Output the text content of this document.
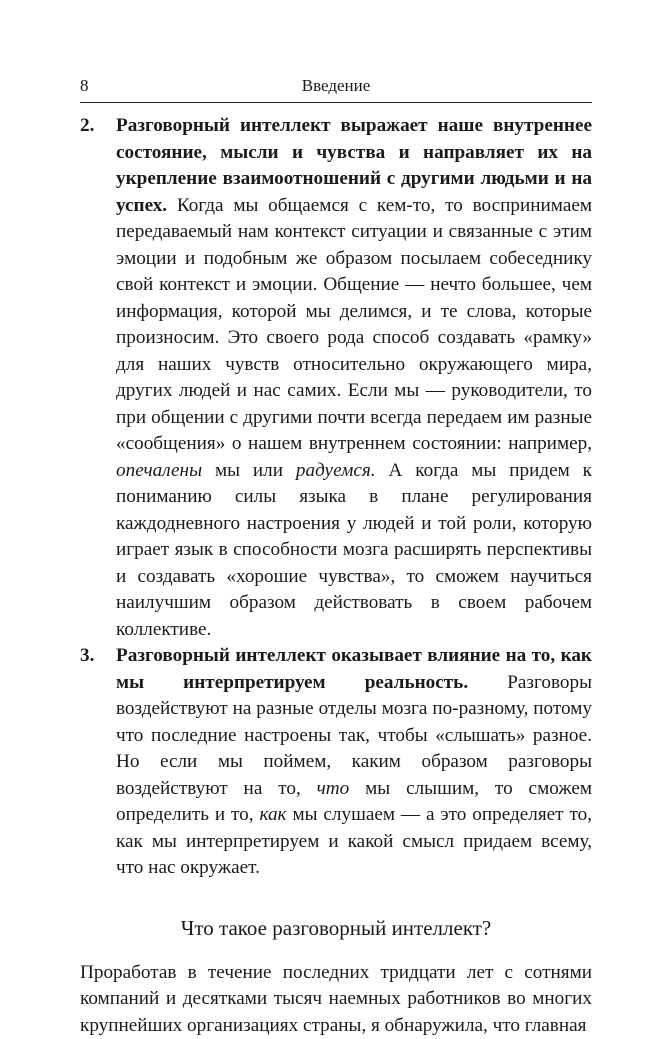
8	Введение
2.	Разговорный интеллект выражает наше внутреннее состояние, мысли и чувства и направляет их на укрепление взаимоотношений с другими людьми и на успех. Когда мы общаемся с кем-то, то воспринимаем передаваемый нам контекст ситуации и связанные с этим эмоции и подобным же образом посылаем собеседнику свой контекст и эмоции. Общение — нечто большее, чем информация, которой мы делимся, и те слова, которые произносим. Это своего рода способ создавать «рамку» для наших чувств относительно окружающего мира, других людей и нас самих. Если мы — руководители, то при общении с другими почти всегда передаем им разные «сообщения» о нашем внутреннем состоянии: например, опечалены мы или радуемся. А когда мы придем к пониманию силы языка в плане регулирования каждодневного настроения у людей и той роли, которую играет язык в способности мозга расширять перспективы и создавать «хорошие чувства», то сможем научиться наилучшим образом действовать в своем рабочем коллективе.
3.	Разговорный интеллект оказывает влияние на то, как мы интерпретируем реальность. Разговоры воздействуют на разные отделы мозга по-разному, потому что последние настроены так, чтобы «слышать» разное. Но если мы поймем, каким образом разговоры воздействуют на то, что мы слышим, то сможем определить и то, как мы слушаем — а это определяет то, как мы интерпретируем и какой смысл придаем всему, что нас окружает.
Что такое разговорный интеллект?

Проработав в течение последних тридцати лет с сотнями компаний и десятками тысяч наемных работников во многих крупнейших организациях страны, я обнаружила, что главная
